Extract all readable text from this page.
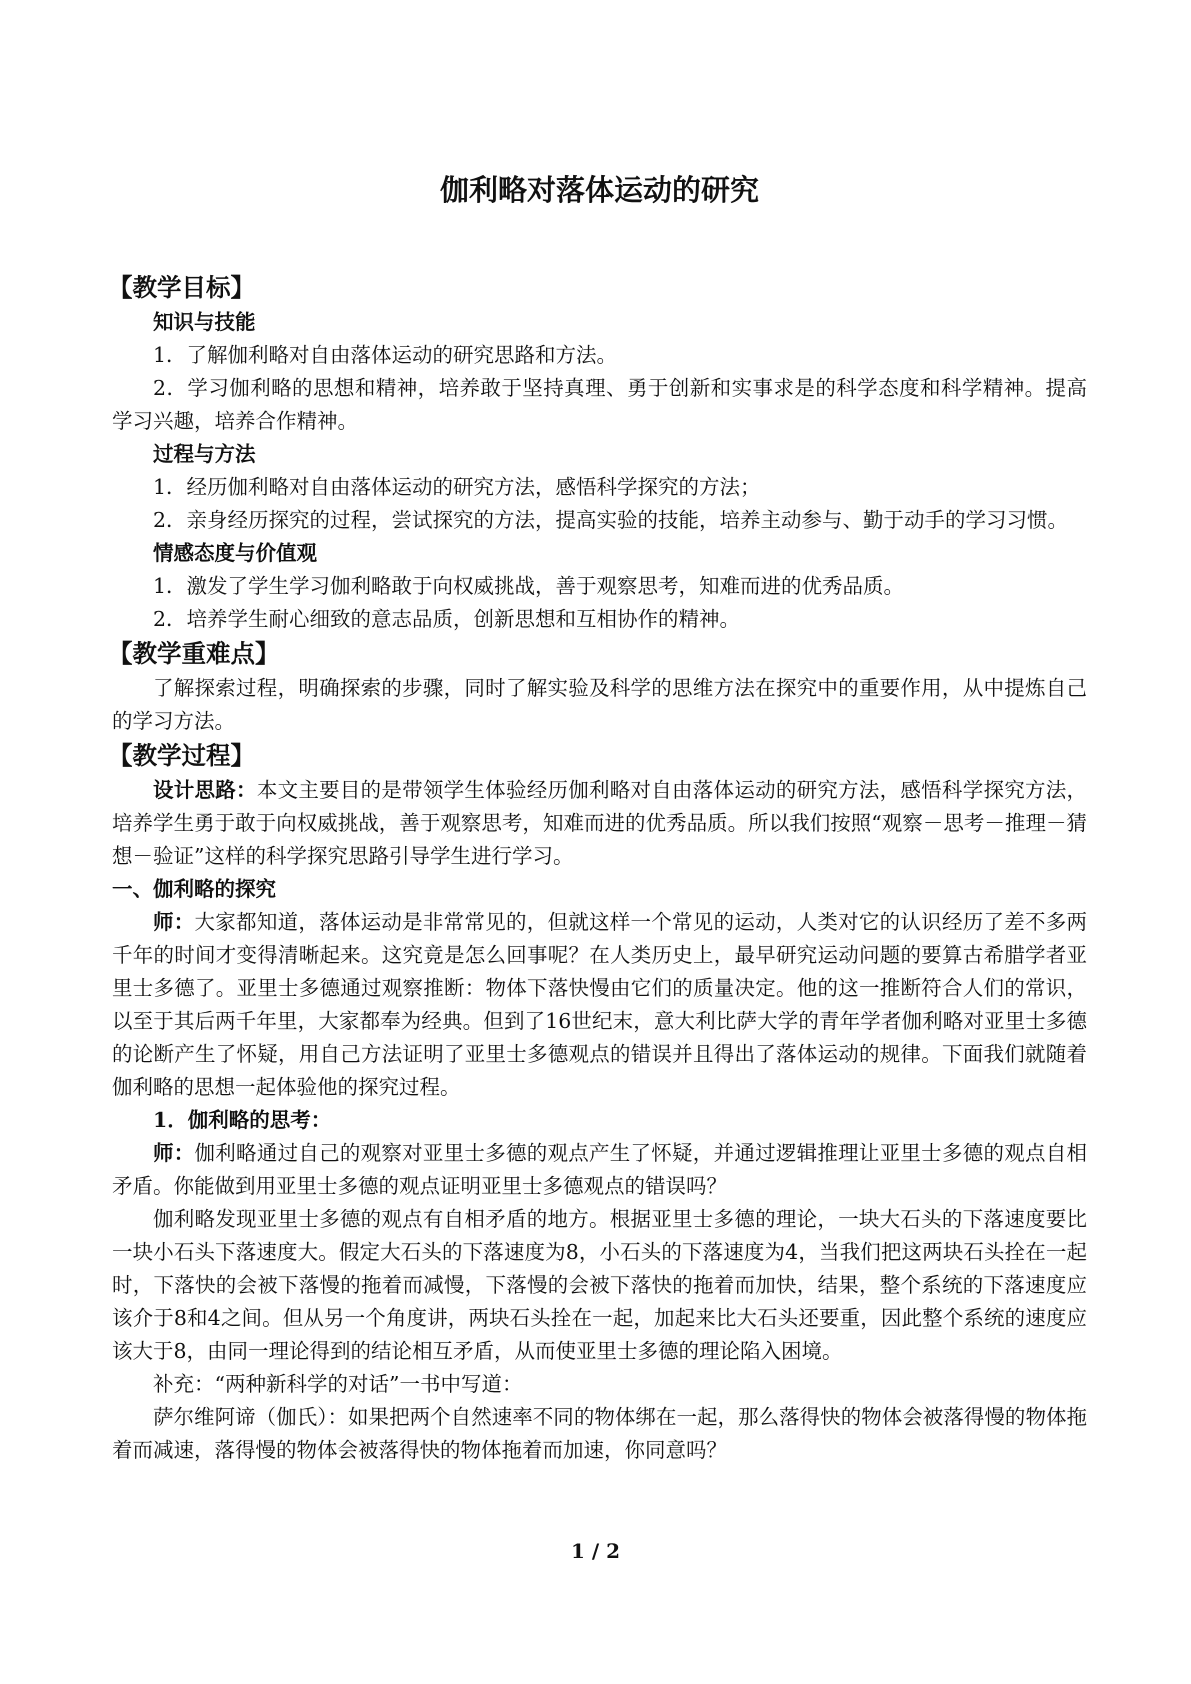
伽利略对落体运动的研究
【教学目标】
知识与技能

1．了解伽利略对自由落体运动的研究思路和方法。

2．学习伽利略的思想和精神，培养敢于坚持真理、勇于创新和实事求是的科学态度和科学精神。提高学习兴趣，培养合作精神。

过程与方法

1．经历伽利略对自由落体运动的研究方法，感悟科学探究的方法；

2．亲身经历探究的过程，尝试探究的方法，提高实验的技能，培养主动参与、勤于动手的学习习惯。

情感态度与价值观

1．激发了学生学习伽利略敢于向权威挑战，善于观察思考，知难而进的优秀品质。

2．培养学生耐心细致的意志品质，创新思想和互相协作的精神。

【教学重难点】

了解探索过程，明确探索的步骤，同时了解实验及科学的思维方法在探究中的重要作用，从中提炼自己的学习方法。

【教学过程】

设计思路：本文主要目的是带领学生体验经历伽利略对自由落体运动的研究方法，感悟科学探究方法，培养学生勇于敢于向权威挑战，善于观察思考，知难而进的优秀品质。所以我们按照“观察－思考－推理－猜想－验证”这样的科学探究思路引导学生进行学习。

一、伽利略的探究

师：大家都知道，落体运动是非常常见的，但就这样一个常见的运动，人类对它的认识经历了差不多两千年的时间才变得清晰起来。这究竟是怎么回事呢？在人类历史上，最早研究运动问题的要算古希腊学者亚里士多德了。亚里士多德通过观察推断：物体下落快慢由它们的质量决定。他的这一推断符合人们的常识，以至于其后两千年里，大家都奉为经典。但到了16世纪末，意大利比萨大学的青年学者伽利略对亚里士多德的论断产生了怀疑，用自己方法证明了亚里士多德观点的错误并且得出了落体运动的规律。下面我们就随着伽利略的思想一起体验他的探究过程。

1．伽利略的思考：

师：伽利略通过自己的观察对亚里士多德的观点产生了怀疑，并通过逻辑推理让亚里士多德的观点自相矛盾。你能做到用亚里士多德的观点证明亚里士多德观点的错误吗？

伽利略发现亚里士多德的观点有自相矛盾的地方。根据亚里士多德的理论，一块大石头的下落速度要比一块小石头下落速度大。假定大石头的下落速度为8，小石头的下落速度为4，当我们把这两块石头拴在一起时，下落快的会被下落慢的拖着而减慢，下落慢的会被下落快的拖着而加快，结果，整个系统的下落速度应该介于8和4之间。但从另一个角度讲，两块石头拴在一起，加起来比大石头还要重，因此整个系统的速度应该大于8，由同一理论得到的结论相互矛盾，从而使亚里士多德的理论陷入困境。

补充：“两种新科学的对话”一书中写道：

萨尔维阿谛（伽氏）：如果把两个自然速率不同的物体绑在一起，那么落得快的物体会被落得慢的物体拖着而减速，落得慢的物体会被落得快的物体拖着而加速，你同意吗？

1 / 2
